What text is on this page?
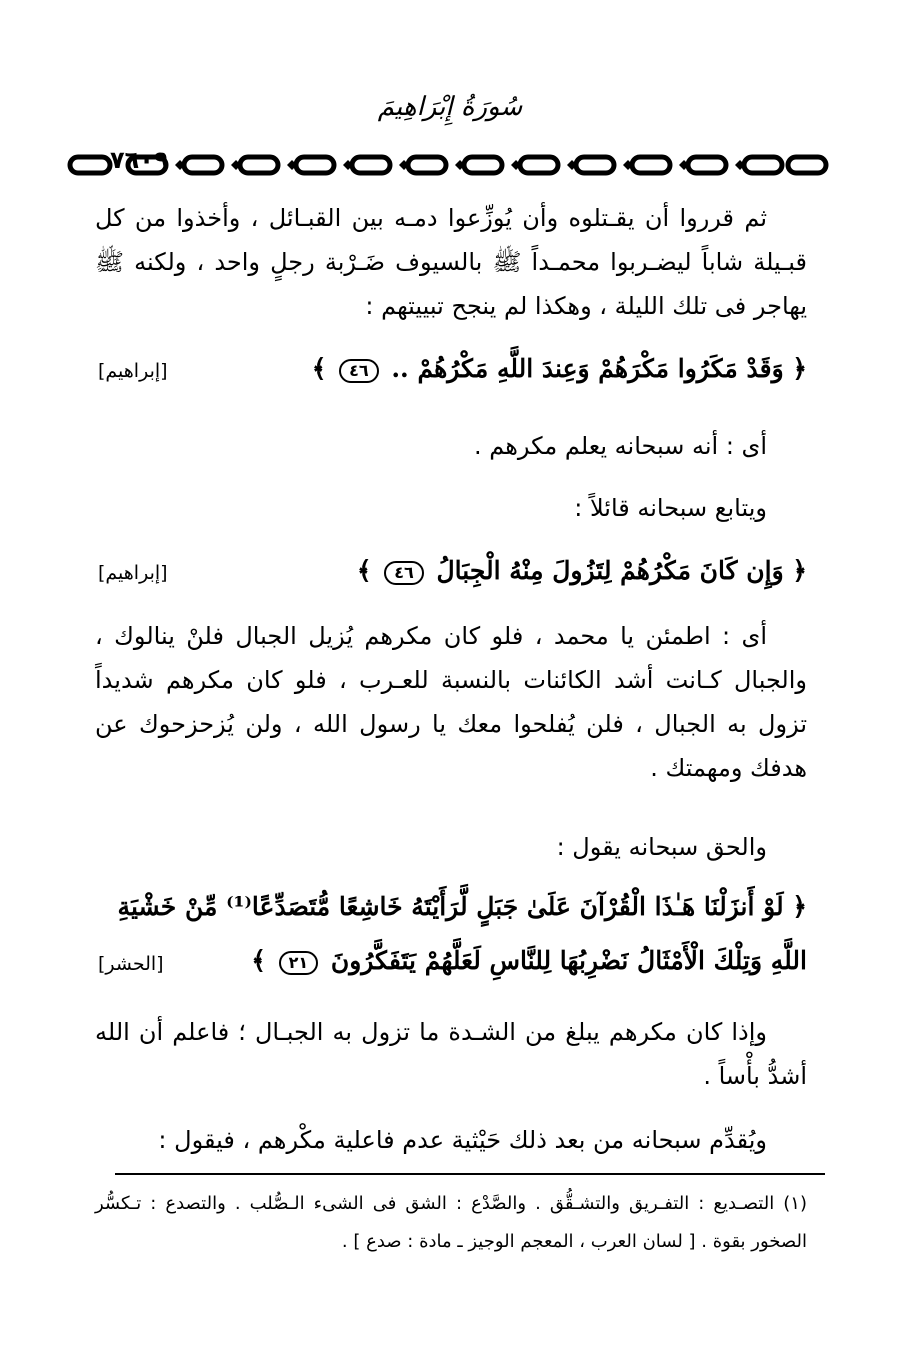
سُورَةُ إِبْرَاهِيمَ
٧٦٠٩

ثم قرروا أن يقـتلوه وأن يُوزِّعوا دمـه بين القبـائل ، وأخذوا من كل قبـيلة شاباً ليضـربوا محمـداً ﷺ بالسيوف ضَـرْبة رجلٍ واحد ، ولكنه ﷺ يهاجر فى تلك الليلة ، وهكذا لم ينجح تبييتهم :

﴿ وَقَدْ مَكَرُوا مَكْرَهُمْ وَعِندَ اللَّهِ مَكْرُهُمْ .. ٤٦ ﴾
[إبراهيم]

أى : أنه سبحانه يعلم مكرهم .

ويتابع سبحانه قائلاً :

﴿ وَإِن كَانَ مَكْرُهُمْ لِتَزُولَ مِنْهُ الْجِبَالُ ٤٦ ﴾
[إبراهيم]

أى : اطمئن يا محمد ، فلو كان مكرهم يُزيل الجبال فلنْ ينالوك ، والجبال كـانت أشد الكائنات بالنسبة للعـرب ، فلو كان مكرهم شديداً تزول به الجبال ، فلن يُفلحوا معك يا رسول الله ، ولن يُزحزحوك عن هدفك ومهمتك .

والحق سبحانه يقول :

﴿ لَوْ أَنزَلْنَا هَـٰذَا الْقُرْآنَ عَلَىٰ جَبَلٍ لَّرَأَيْتَهُ خَاشِعًا مُّتَصَدِّعًا⁽¹⁾ مِّنْ خَشْيَةِ
اللَّهِ وَتِلْكَ الْأَمْثَالُ نَضْرِبُهَا لِلنَّاسِ لَعَلَّهُمْ يَتَفَكَّرُونَ ٢١ ﴾
[الحشر]

وإذا كان مكرهم يبلغ من الشـدة ما تزول به الجبـال ؛ فاعلم أن الله أشدُّ بأْساً .

ويُقدِّم سبحانه من بعد ذلك حَيْثية عدم فاعلية مكْرهم ، فيقول :

(١) التصـديع : التفـريق والتشـقُّق . والصَّدْع : الشق فى الشىء الـصُّلب . والتصدع : تـكسُّر الصخور بقوة . [ لسان العرب ، المعجم الوجيز ـ مادة : صدع ] .
